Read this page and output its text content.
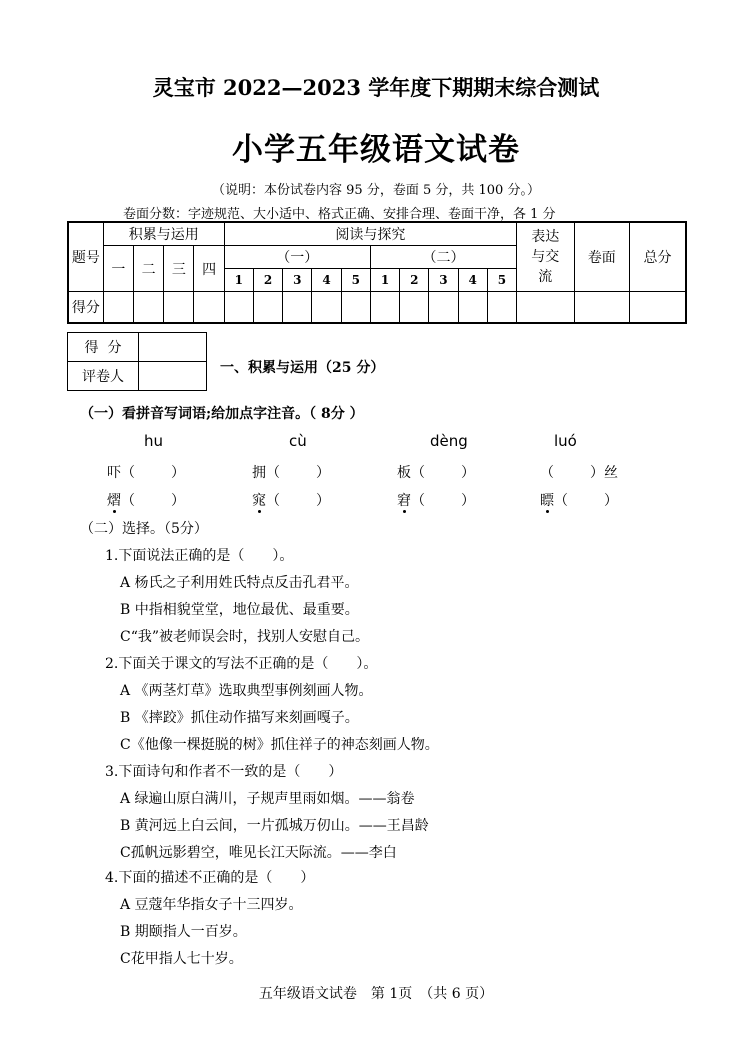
灵宝市 2022—2023 学年度下期期末综合测试
小学五年级语文试卷
（说明：本份试卷内容 95 分，卷面 5 分，共 100 分。）
卷面分数：字迹规范、大小适中、格式正确、安排合理、卷面干净，各 1 分
题号	积累与运用				阅读与探究										表达与交流	卷面	总分
	一	二	三	四	（一）					（二）							
					1	2	3	4	5	1	2	3	4	5			
得分																	
得  分	
评卷人	
一、积累与运用（25 分）
（一）看拼音写词语;给加点字注音。（ 8分 ）
hu	cù	dèng	luó
吓（	）	拥（	）	板（	）	（	）丝
熠（	）	窕（	）	窘（	）	瞟（	）
（二）选择。（5分）
1.下面说法正确的是（　　）。
A 杨氏之子利用姓氏特点反击孔君平。
B 中指相貌堂堂，地位最优、最重要。
C“我”被老师误会时，找别人安慰自己。
2.下面关于课文的写法不正确的是（　　）。
A 《两茎灯草》选取典型事例刻画人物。
B 《摔跤》抓住动作描写来刻画嘎子。
C《他像一棵挺脱的树》抓住祥子的神态刻画人物。
3.下面诗句和作者不一致的是（　　）
A 绿遍山原白满川，子规声里雨如烟。——翁卷
B 黄河远上白云间，一片孤城万仞山。——王昌龄
C孤帆远影碧空，唯见长江天际流。——李白
4.下面的描述不正确的是（　　）
A 豆蔻年华指女子十三四岁。
B 期颐指人一百岁。
C花甲指人七十岁。
五年级语文试卷　第 1页　（共 6 页）
